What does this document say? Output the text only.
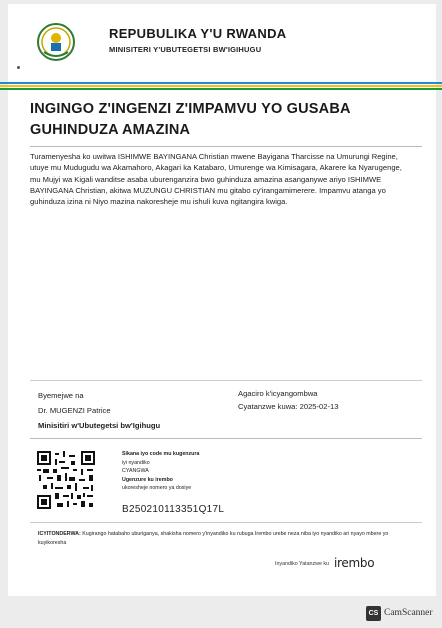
REPUBULIKA Y'U RWANDA
MINISITERI Y'UBUTEGETSI BW'IGIHUGU
INGINGO Z'INGENZI Z'IMPAMVU YO GUSABA GUHINDUZA AMAZINA
Turamenyesha ko uwitwa ISHIMWE BAYINGANA Christian mwene Bayigana Tharcisse na Umurungi Regine, utuye mu Mudugudu wa Akamahoro, Akagari ka Katabaro, Umurenge wa Kimisagara, Akarere ka Nyarugenge, mu Mujyi wa Kigali wanditse asaba uburenganzira bwo guhinduza amazina asanganywe ariyo ISHIMWE BAYINGANA Christian, akitwa MUZUNGU CHRISTIAN mu gitabo cy'irangamimerere. Impamvu atanga yo guhinduza izina ni Niyo mazina nakoresheje mu ishuli kuva ngitangira kwiga.
Byemejwe na
Dr. MUGENZI Patrice
Minisitiri w'Ubutegetsi bw'Igihugu
Agaciro k'icyangombwa
Cyatanzwe kuwa: 2025-02-13
Sikana iyo code mu kugenzura
iyi nyandiko
CYANGWA
Ugenzure ku irembo
ukoresheje nomero ya dosiye
B250210113351Q17L
ICYITONDERWA: Kugirango hatabaho uburiganya, shakisha nomero y'inyandiko ku rubuga Irembo urebe neza niba iyo nyandiko ari nyayo mbere yo kuyikoresha
Inyandiko Yatanzwe ku irembo
CS CamScanner
